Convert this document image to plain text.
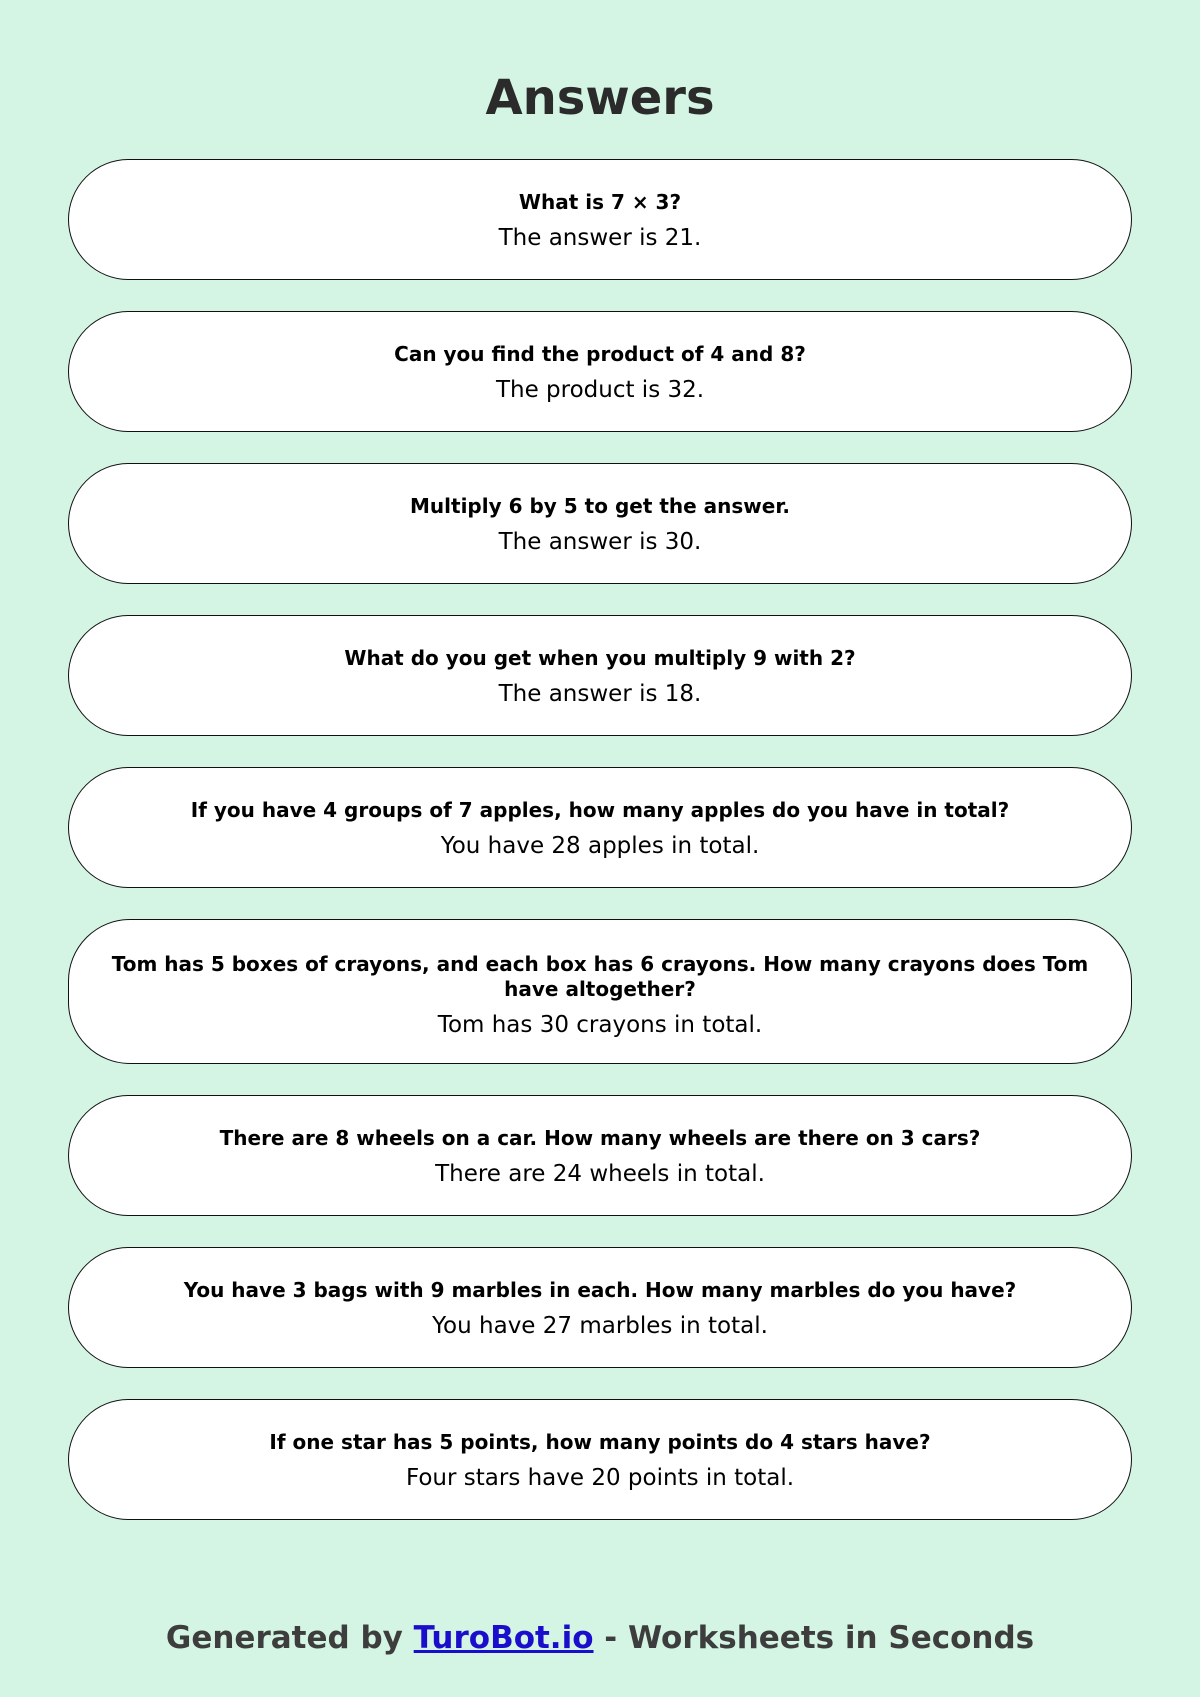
Answers

What is 7 × 3?

The answer is 21.

Can you find the product of 4 and 8?

The product is 32.

Multiply 6 by 5 to get the answer.

The answer is 30.

What do you get when you multiply 9 with 2?

The answer is 18.

If you have 4 groups of 7 apples, how many apples do you have in total?

You have 28 apples in total.

Tom has 5 boxes of crayons, and each box has 6 crayons. How many crayons does Tom have altogether?

Tom has 30 crayons in total.

There are 8 wheels on a car. How many wheels are there on 3 cars?

There are 24 wheels in total.

You have 3 bags with 9 marbles in each. How many marbles do you have?

You have 27 marbles in total.

If one star has 5 points, how many points do 4 stars have?

Four stars have 20 points in total.

Generated by TuroBot.io - Worksheets in Seconds
